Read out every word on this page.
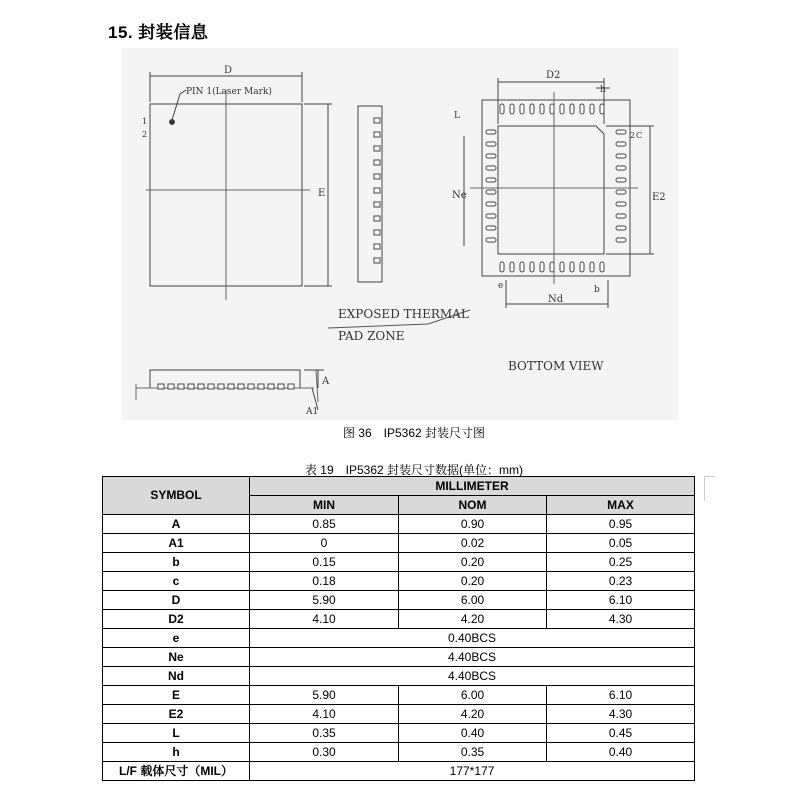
15. 封装信息
D
PIN 1(Laser Mark)
1
2
E
D2
h
L
2 C
Ne	E2
e
Nd
b
EXPOSED THERMAL
PAD ZONE
BOTTOM VIEW
A
A1
图 36　IP5362 封装尺寸图
表 19　IP5362 封装尺寸数据(单位：mm)
SYMBOL	MILLIMETER		
	MIN	NOM	MAX
A	0.85	0.90	0.95
A1	0	0.02	0.05
b	0.15	0.20	0.25
c	0.18	0.20	0.23
D	5.90	6.00	6.10
D2	4.10	4.20	4.30
e	0.40BCS		
Ne	4.40BCS		
Nd	4.40BCS		
E	5.90	6.00	6.10
E2	4.10	4.20	4.30
L	0.35	0.40	0.45
h	0.30	0.35	0.40
L/F 载体尺寸（MIL）	177*177		
